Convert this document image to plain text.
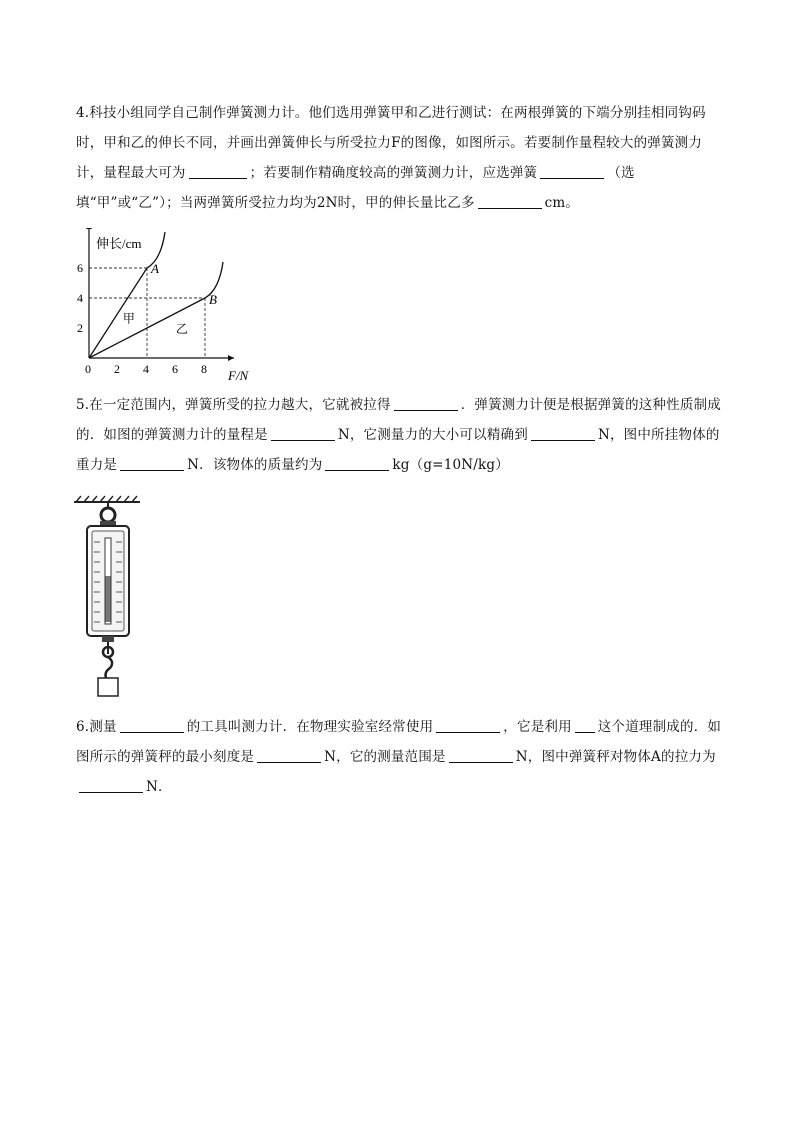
4.科技小组同学自己制作弹簧测力计。他们选用弹簧甲和乙进行测试：在两根弹簧的下端分别挂相同钩码时，甲和乙的伸长不同，并画出弹簧伸长与所受拉力F的图像，如图所示。若要制作量程较大的弹簧测力计，量程最大可为	；若要制作精确度较高的弹簧测力计，应选弹簧	（选填“甲”或“乙”）；当两弹簧所受拉力均为2N时，甲的伸长量比乙多	cm。
A
甲
B
乙
0 2 4 6 8
2
4
6
伸长/cm
F/N
5.在一定范围内，弹簧所受的拉力越大，它就被拉得	．弹簧测力计便是根据弹簧的这种性质制成的．如图的弹簧测力计的量程是	N，它测量力的大小可以精确到	N，图中所挂物体的重力是	N．该物体的质量约为	kg（g=10N/kg）
6.测量	的工具叫测力计．在物理实验室经常使用	，它是利用 这个道理制成的．如图所示的弹簧秤的最小刻度是	N，它的测量范围是	N，图中弹簧秤对物体A的拉力为N．
